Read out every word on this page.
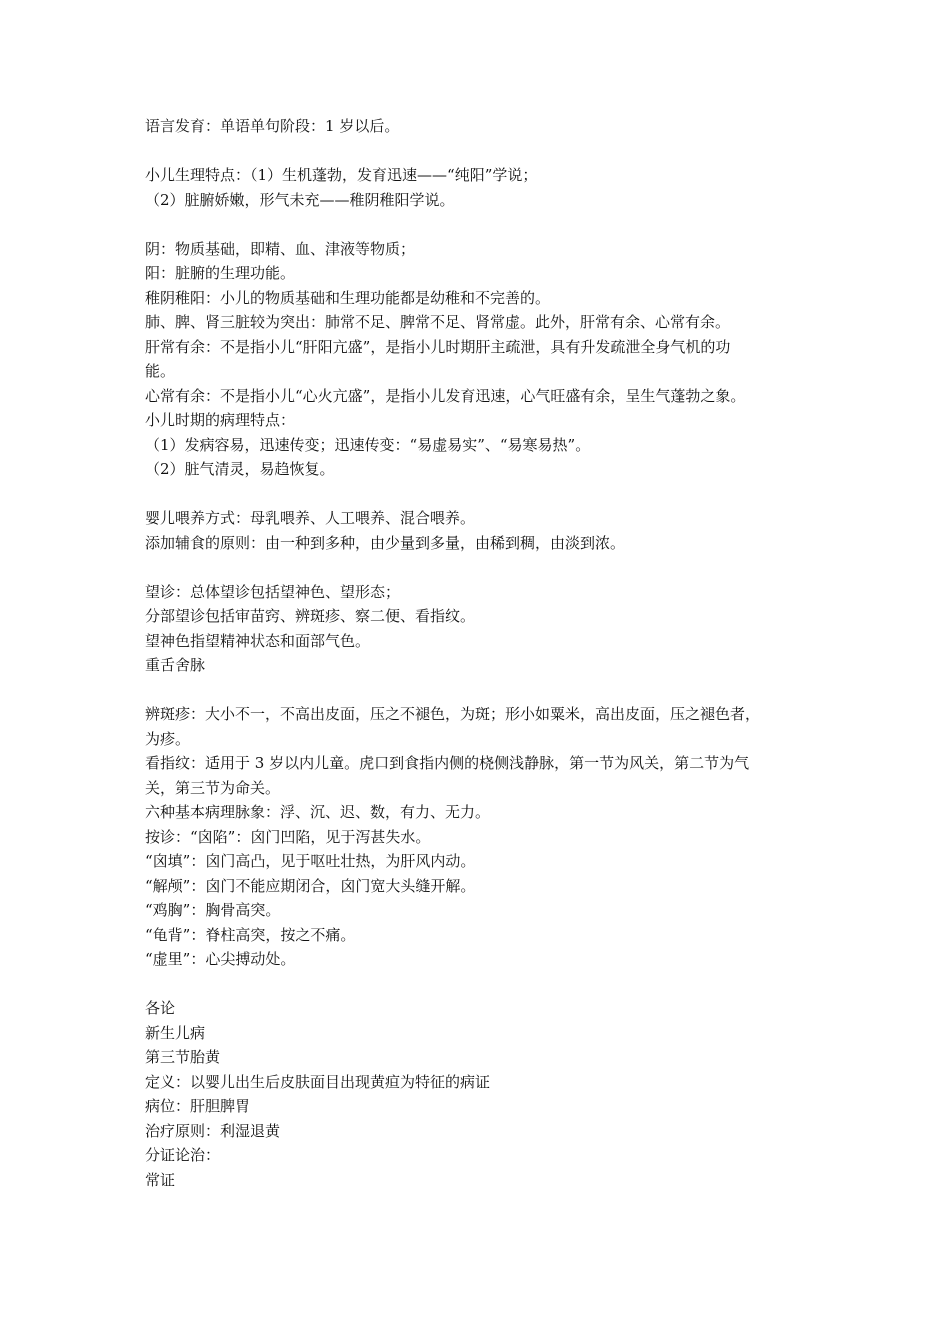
语言发育：单语单句阶段：1 岁以后。
小儿生理特点：（1）生机蓬勃，发育迅速——“纯阳”学说；
（2）脏腑娇嫩，形气未充——稚阴稚阳学说。
阴：物质基础，即精、血、津液等物质；
阳：脏腑的生理功能。
稚阴稚阳：小儿的物质基础和生理功能都是幼稚和不完善的。
肺、脾、肾三脏较为突出：肺常不足、脾常不足、肾常虚。此外，肝常有余、心常有余。
肝常有余：不是指小儿“肝阳亢盛”，是指小儿时期肝主疏泄，具有升发疏泄全身气机的功
能。
心常有余：不是指小儿“心火亢盛”，是指小儿发育迅速，心气旺盛有余，呈生气蓬勃之象。
小儿时期的病理特点：
（1）发病容易，迅速传变；迅速传变：“易虚易实”、“易寒易热”。
（2）脏气清灵，易趋恢复。
婴儿喂养方式：母乳喂养、人工喂养、混合喂养。
添加辅食的原则：由一种到多种，由少量到多量，由稀到稠，由淡到浓。
望诊：总体望诊包括望神色、望形态；
分部望诊包括审苗窍、辨斑疹、察二便、看指纹。
望神色指望精神状态和面部气色。
重舌舍脉
辨斑疹：大小不一，不高出皮面，压之不褪色，为斑；形小如粟米，高出皮面，压之褪色者，
为疹。
看指纹：适用于 3 岁以内儿童。虎口到食指内侧的桡侧浅静脉，第一节为风关，第二节为气
关，第三节为命关。
六种基本病理脉象：浮、沉、迟、数，有力、无力。
按诊：“囟陷”：囟门凹陷，见于泻甚失水。
“囟填”：囟门高凸，见于呕吐壮热，为肝风内动。
“解颅”：囟门不能应期闭合，囟门宽大头缝开解。
“鸡胸”：胸骨高突。
“龟背”：脊柱高突，按之不痛。
“虚里”：心尖搏动处。
各论
新生儿病
第三节胎黄
定义：以婴儿出生后皮肤面目出现黄疸为特征的病证
病位：肝胆脾胃
治疗原则：利湿退黄
分证论治：
常证
